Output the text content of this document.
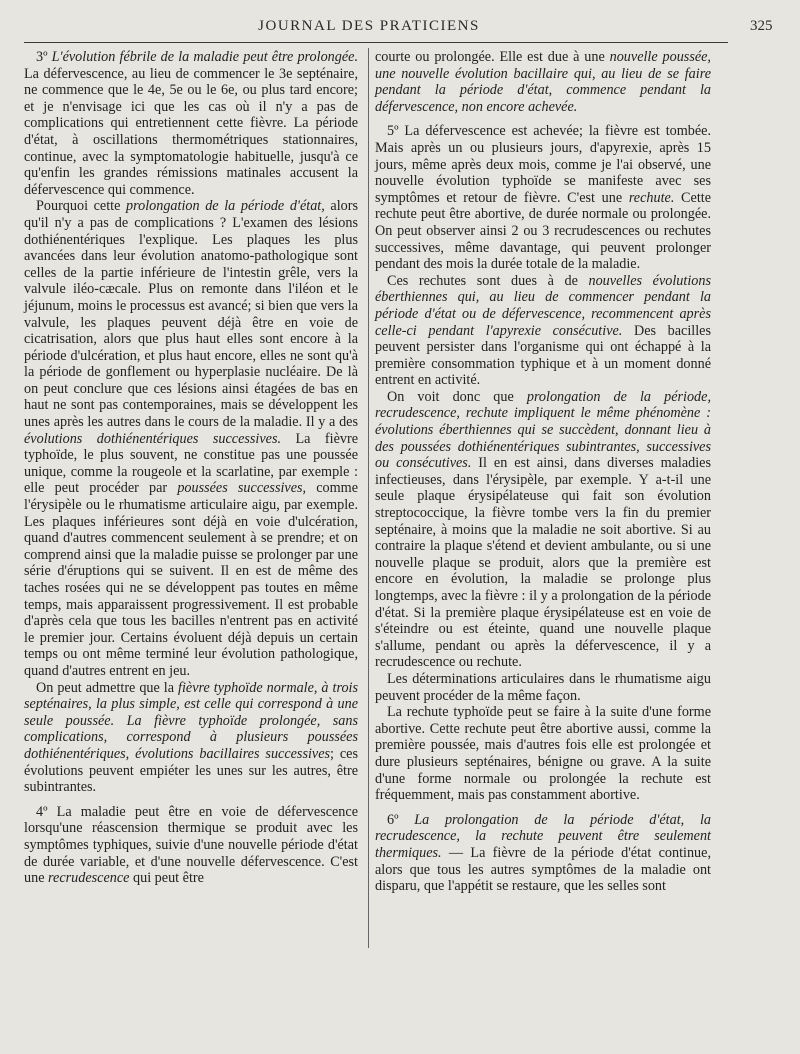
JOURNAL DES PRATICIENS	325

3º L'évolution fébrile de la maladie peut être prolongée. La défervescence, au lieu de commencer le 3e septénaire, ne commence que le 4e, 5e ou le 6e, ou plus tard encore; et je n'envisage ici que les cas où il n'y a pas de complications qui entretiennent cette fièvre. La période d'état, à oscillations thermométriques stationnaires, continue, avec la symptomatologie habituelle, jusqu'à ce qu'enfin les grandes rémissions matinales accusent la défervescence qui commence.

Pourquoi cette prolongation de la période d'état, alors qu'il n'y a pas de complications ? L'examen des lésions dothiénentériques l'explique. Les plaques les plus avancées dans leur évolution anatomo-pathologique sont celles de la partie inférieure de l'intestin grêle, vers la valvule iléo-cæcale. Plus on remonte dans l'iléon et le jéjunum, moins le processus est avancé; si bien que vers la valvule, les plaques peuvent déjà être en voie de cicatrisation, alors que plus haut elles sont encore à la période d'ulcération, et plus haut encore, elles ne sont qu'à la période de gonflement ou hyperplasie nucléaire. De là on peut conclure que ces lésions ainsi étagées de bas en haut ne sont pas contemporaines, mais se développent les unes après les autres dans le cours de la maladie. Il y a des évolutions dothiénentériques successives. La fièvre typhoïde, le plus souvent, ne constitue pas une poussée unique, comme la rougeole et la scarlatine, par exemple : elle peut procéder par poussées successives, comme l'érysipèle ou le rhumatisme articulaire aigu, par exemple. Les plaques inférieures sont déjà en voie d'ulcération, quand d'autres commencent seulement à se prendre; et on comprend ainsi que la maladie puisse se prolonger par une série d'éruptions qui se suivent. Il en est de même des taches rosées qui ne se développent pas toutes en même temps, mais apparaissent progressivement. Il est probable d'après cela que tous les bacilles n'entrent pas en activité le premier jour. Certains évoluent déjà depuis un certain temps ou ont même terminé leur évolution pathologique, quand d'autres entrent en jeu.

On peut admettre que la fièvre typhoïde normale, à trois septénaires, la plus simple, est celle qui correspond à une seule poussée. La fièvre typhoïde prolongée, sans complications, correspond à plusieurs poussées dothiénentériques, évolutions bacillaires successives; ces évolutions peuvent empiéter les unes sur les autres, être subintrantes.

4º La maladie peut être en voie de défervescence lorsqu'une réascension thermique se produit avec les symptômes typhiques, suivie d'une nouvelle période d'état de durée variable, et d'une nouvelle défervescence. C'est une recrudescence qui peut être

courte ou prolongée. Elle est due à une nouvelle poussée, une nouvelle évolution bacillaire qui, au lieu de se faire pendant la période d'état, commence pendant la défervescence, non encore achevée.

5º La défervescence est achevée; la fièvre est tombée. Mais après un ou plusieurs jours, d'apyrexie, après 15 jours, même après deux mois, comme je l'ai observé, une nouvelle évolution typhoïde se manifeste avec ses symptômes et retour de fièvre. C'est une rechute. Cette rechute peut être abortive, de durée normale ou prolongée. On peut observer ainsi 2 ou 3 recrudescences ou rechutes successives, même davantage, qui peuvent prolonger pendant des mois la durée totale de la maladie.

Ces rechutes sont dues à de nouvelles évolutions éberthiennes qui, au lieu de commencer pendant la période d'état ou de défervescence, recommencent après celle-ci pendant l'apyrexie consécutive. Des bacilles peuvent persister dans l'organisme qui ont échappé à la première consommation typhique et à un moment donné entrent en activité.

On voit donc que prolongation de la période, recrudescence, rechute impliquent le même phénomène : évolutions éberthiennes qui se succèdent, donnant lieu à des poussées dothiénentériques subintrantes, successives ou consécutives. Il en est ainsi, dans diverses maladies infectieuses, dans l'érysipèle, par exemple. Y a-t-il une seule plaque érysipélateuse qui fait son évolution streptococcique, la fièvre tombe vers la fin du premier septénaire, à moins que la maladie ne soit abortive. Si au contraire la plaque s'étend et devient ambulante, ou si une nouvelle plaque se produit, alors que la première est encore en évolution, la maladie se prolonge plus longtemps, avec la fièvre : il y a prolongation de la période d'état. Si la première plaque érysipélateuse est en voie de s'éteindre ou est éteinte, quand une nouvelle plaque s'allume, pendant ou après la défervescence, il y a recrudescence ou rechute.

Les déterminations articulaires dans le rhumatisme aigu peuvent procéder de la même façon.

La rechute typhoïde peut se faire à la suite d'une forme abortive. Cette rechute peut être abortive aussi, comme la première poussée, mais d'autres fois elle est prolongée et dure plusieurs septénaires, bénigne ou grave. A la suite d'une forme normale ou prolongée la rechute est fréquemment, mais pas constamment abortive.

6º La prolongation de la période d'état, la recrudescence, la rechute peuvent être seulement thermiques. — La fièvre de la période d'état continue, alors que tous les autres symptômes de la maladie ont disparu, que l'appétit se restaure, que les selles sont
